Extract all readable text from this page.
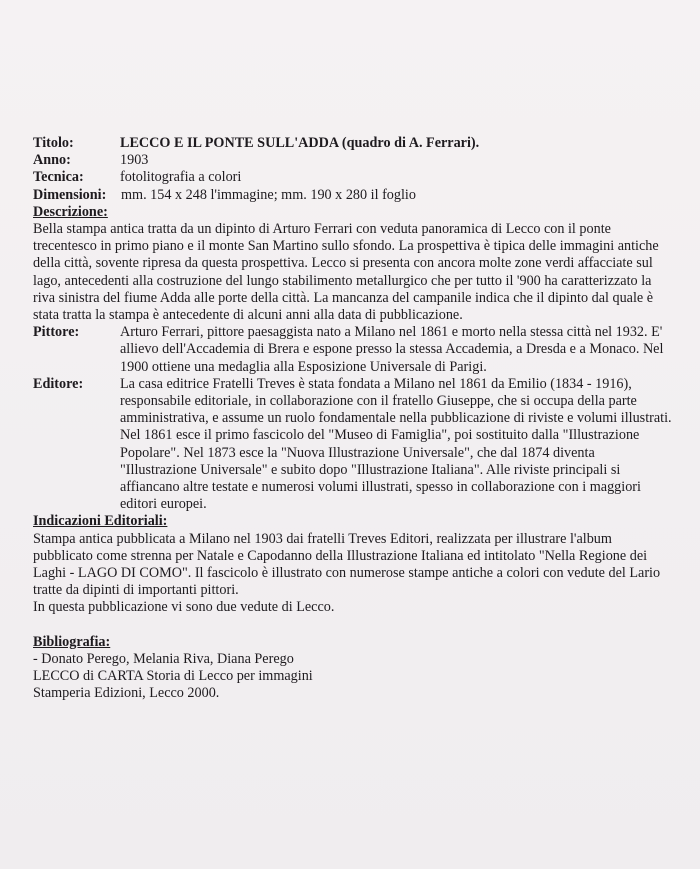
Titolo:	LECCO E IL PONTE SULL'ADDA (quadro di A. Ferrari).
Anno:	1903
Tecnica:	fotolitografia a colori
Dimensioni:	mm. 154 x 248 l'immagine; mm. 190 x 280 il foglio
Descrizione:

Bella stampa antica tratta da un dipinto di Arturo Ferrari con veduta panoramica di Lecco con il ponte trecentesco in primo piano e il monte San Martino sullo sfondo. La prospettiva è tipica delle immagini antiche della città, sovente ripresa da questa prospettiva. Lecco si presenta con ancora molte zone verdi affacciate sul lago, antecedenti alla costruzione del lungo stabilimento metallurgico che per tutto il '900 ha caratterizzato la riva sinistra del fiume Adda alle porte della città. La mancanza del campanile indica che il dipinto dal quale è stata tratta la stampa è antecedente di alcuni anni alla data di pubblicazione.

Pittore:	Arturo Ferrari, pittore paesaggista nato a Milano nel 1861 e morto nella stessa città nel 1932. E' allievo dell'Accademia di Brera e espone presso la stessa Accademia, a Dresda e a Monaco. Nel 1900 ottiene una medaglia alla Esposizione Universale di Parigi.
Editore:	La casa editrice Fratelli Treves è stata fondata a Milano nel 1861 da Emilio (1834 - 1916), responsabile editoriale, in collaborazione con il fratello Giuseppe, che si occupa della parte amministrativa, e assume un ruolo fondamentale nella pubblicazione di riviste e volumi illustrati. Nel 1861 esce il primo fascicolo del "Museo di Famiglia", poi sostituito dalla "Illustrazione Popolare". Nel 1873 esce la "Nuova Illustrazione Universale", che dal 1874 diventa "Illustrazione Universale" e subito dopo "Illustrazione Italiana". Alle riviste principali si affiancano altre testate e numerosi volumi illustrati, spesso in collaborazione con i maggiori editori europei.
Indicazioni Editoriali:

Stampa antica pubblicata a Milano nel 1903 dai fratelli Treves Editori, realizzata per illustrare l'album pubblicato come strenna per Natale e Capodanno della Illustrazione Italiana ed intitolato "Nella Regione dei Laghi - LAGO DI COMO". Il fascicolo è illustrato con numerose stampe antiche a colori con vedute del Lario tratte da dipinti di importanti pittori.

In questa pubblicazione vi sono due vedute di Lecco.

Bibliografia:
- Donato Perego, Melania Riva, Diana Perego
LECCO di CARTA Storia di Lecco per immagini
Stamperia Edizioni, Lecco 2000.
